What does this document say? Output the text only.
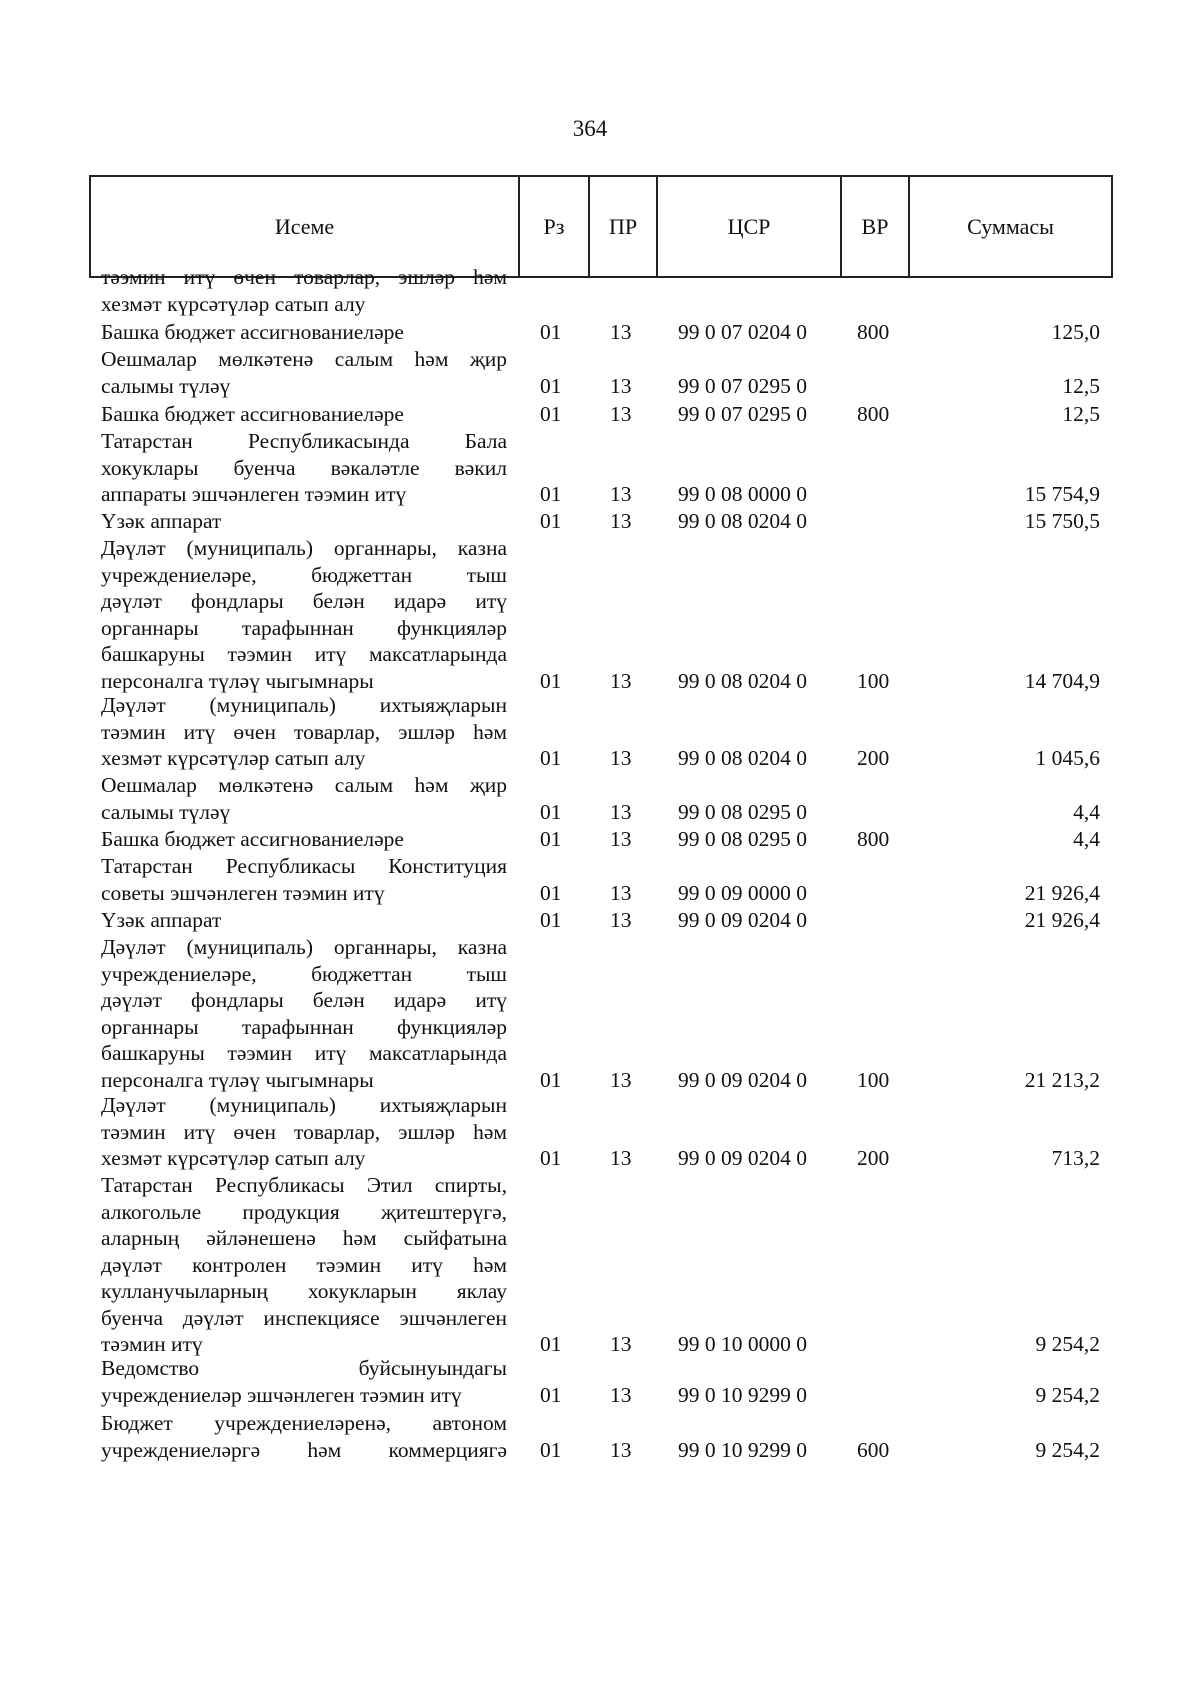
364
Исеме	Рз	ПР	ЦСР	ВР	Суммасы
тәэмин итү өчен товарлар, эшләр һәм
хезмәт күрсәтүләр сатып алу
Башка бюджет ассигнованиеләре	01	13	99 0 07 0204 0	800	125,0
Оешмалар мөлкәтенә салым һәм җир
салымы түләү	01	13	99 0 07 0295 0	12,5
Башка бюджет ассигнованиеләре	01	13	99 0 07 0295 0	800	12,5
Татарстан Республикасында Бала
хокуклары буенча вәкаләтле вәкил
аппараты эшчәнлеген тәэмин итү	01	13	99 0 08 0000 0	15 754,9
Үзәк аппарат	01	13	99 0 08 0204 0	15 750,5
Дәүләт (муниципаль) органнары, казна
учреждениеләре, бюджеттан тыш
дәүләт фондлары белән идарә итү
органнары тарафыннан функцияләр
башкаруны тәэмин итү максатларында
персоналга түләү чыгымнары	01	13	99 0 08 0204 0	100	14 704,9
Дәүләт (муниципаль) ихтыяҗларын
тәэмин итү өчен товарлар, эшләр һәм
хезмәт күрсәтүләр сатып алу	01	13	99 0 08 0204 0	200	1 045,6
Оешмалар мөлкәтенә салым һәм җир
салымы түләү	01	13	99 0 08 0295 0	4,4
Башка бюджет ассигнованиеләре	01	13	99 0 08 0295 0	800	4,4
Татарстан Республикасы Конституция
советы эшчәнлеген тәэмин итү	01	13	99 0 09 0000 0	21 926,4
Үзәк аппарат	01	13	99 0 09 0204 0	21 926,4
Дәүләт (муниципаль) органнары, казна
учреждениеләре, бюджеттан тыш
дәүләт фондлары белән идарә итү
органнары тарафыннан функцияләр
башкаруны тәэмин итү максатларында
персоналга түләү чыгымнары	01	13	99 0 09 0204 0	100	21 213,2
Дәүләт (муниципаль) ихтыяҗларын
тәэмин итү өчен товарлар, эшләр һәм
хезмәт күрсәтүләр сатып алу	01	13	99 0 09 0204 0	200	713,2
Татарстан Республикасы Этил спирты,
алкогольле продукция җитештерүгә,
аларның әйләнешенә һәм сыйфатына
дәүләт контролен тәэмин итү һәм
кулланучыларның хокукларын яклау
буенча дәүләт инспекциясе эшчәнлеген
тәэмин итү	01	13	99 0 10 0000 0	9 254,2
Ведомство буйсынуындагы
учреждениеләр эшчәнлеген тәэмин итү	01	13	99 0 10 9299 0	9 254,2
Бюджет учреждениеләренә, автоном
учреждениеләргә һәм коммерциягә 01	13	99 0 10 9299 0	600	9 254,2
